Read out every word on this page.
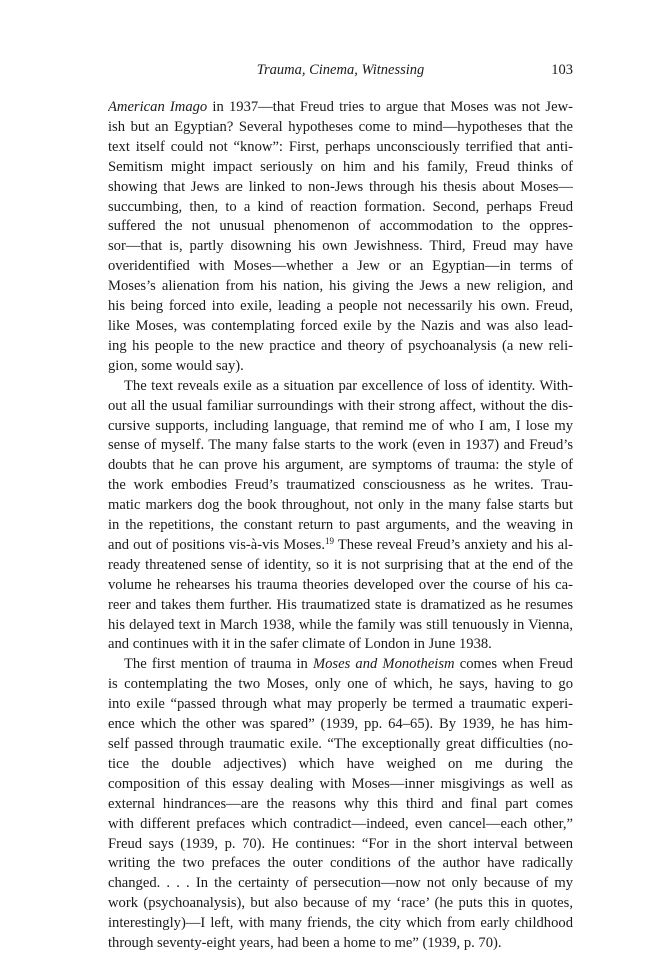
Trauma, Cinema, Witnessing	103

American Imago in 1937—that Freud tries to argue that Moses was not Jew-
ish but an Egyptian? Several hypotheses come to mind—hypotheses that the
text itself could not “know”: First, perhaps unconsciously terrified that anti-
Semitism might impact seriously on him and his family, Freud thinks of
showing that Jews are linked to non-Jews through his thesis about Moses—
succumbing, then, to a kind of reaction formation. Second, perhaps Freud
suffered the not unusual phenomenon of accommodation to the oppres-
sor—that is, partly disowning his own Jewishness. Third, Freud may have
overidentified with Moses—whether a Jew or an Egyptian—in terms of
Moses’s alienation from his nation, his giving the Jews a new religion, and
his being forced into exile, leading a people not necessarily his own. Freud,
like Moses, was contemplating forced exile by the Nazis and was also lead-
ing his people to the new practice and theory of psychoanalysis (a new reli-
gion, some would say).

The text reveals exile as a situation par excellence of loss of identity. With-
out all the usual familiar surroundings with their strong affect, without the dis-
cursive supports, including language, that remind me of who I am, I lose my
sense of myself. The many false starts to the work (even in 1937) and Freud’s
doubts that he can prove his argument, are symptoms of trauma: the style of
the work embodies Freud’s traumatized consciousness as he writes. Trau-
matic markers dog the book throughout, not only in the many false starts but
in the repetitions, the constant return to past arguments, and the weaving in
and out of positions vis-à-vis Moses.$^{19}$ These reveal Freud’s anxiety and his al-
ready threatened sense of identity, so it is not surprising that at the end of the
volume he rehearses his trauma theories developed over the course of his ca-
reer and takes them further. His traumatized state is dramatized as he resumes
his delayed text in March 1938, while the family was still tenuously in Vienna,
and continues with it in the safer climate of London in June 1938.

The first mention of trauma in Moses and Monotheism comes when Freud
is contemplating the two Moses, only one of which, he says, having to go
into exile “passed through what may properly be termed a traumatic experi-
ence which the other was spared” (1939, pp. 64–65). By 1939, he has him-
self passed through traumatic exile. “The exceptionally great difficulties (no-
tice the double adjectives) which have weighed on me during the
composition of this essay dealing with Moses—inner misgivings as well as
external hindrances—are the reasons why this third and final part comes
with different prefaces which contradict—indeed, even cancel—each other,”
Freud says (1939, p. 70). He continues: “For in the short interval between
writing the two prefaces the outer conditions of the author have radically
changed. . . . In the certainty of persecution—now not only because of my
work (psychoanalysis), but also because of my ‘race’ (he puts this in quotes,
interestingly)—I left, with many friends, the city which from early childhood
through seventy-eight years, had been a home to me” (1939, p. 70).
